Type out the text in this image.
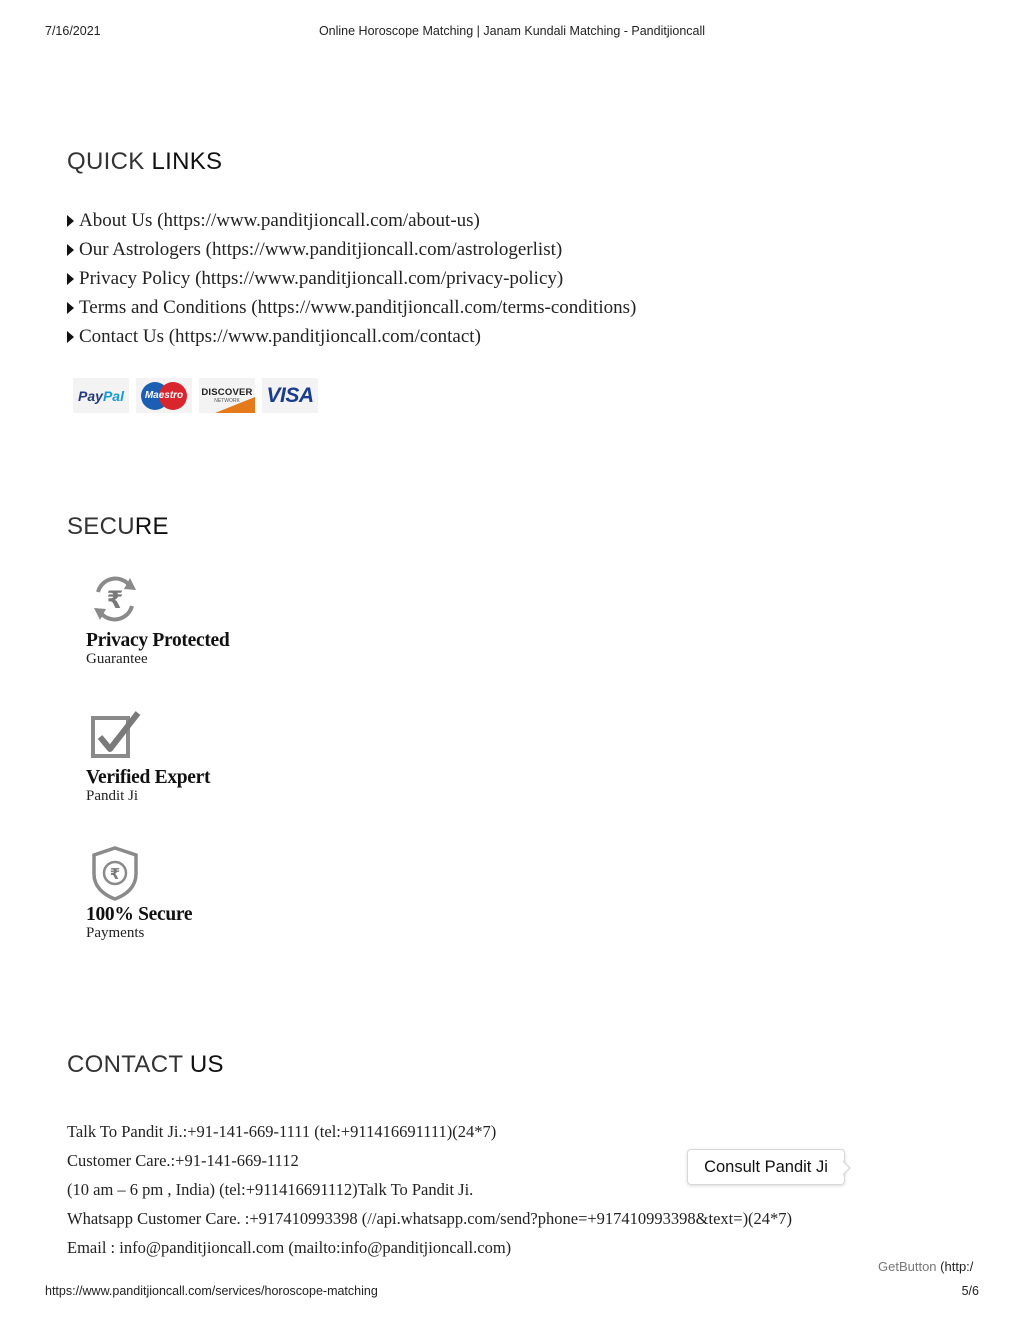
7/16/2021	Online Horoscope Matching | Janam Kundali Matching - Panditjioncall
QUICK LINKS
About Us (https://www.panditjioncall.com/about-us)
Our Astrologers (https://www.panditjioncall.com/astrologerlist)
Privacy Policy (https://www.panditjioncall.com/privacy-policy)
Terms and Conditions (https://www.panditjioncall.com/terms-conditions)
Contact Us (https://www.panditjioncall.com/contact)
Pay Pal	Maestro	DISCOVER
NETWORK VISA
SECURE
₹
Privacy Protected
Guarantee
Verified Expert
Pandit Ji
₹
100% Secure
Payments
CONTACT US
Talk To Pandit Ji.:+91-141-669-1111 (tel:+911416691111)(24*7)
Customer Care.:+91-141-669-1112
(10 am – 6 pm , India) (tel:+911416691112)Talk To Pandit Ji.
Whatsapp Customer Care. :+917410993398 (//api.whatsapp.com/send?phone=+917410993398&text=)(24*7)
Email : info@panditjioncall.com (mailto:info@panditjioncall.com)
Consult Pandit Ji
GetButton (http:/
https://www.panditjioncall.com/services/horoscope-matching	5/6
